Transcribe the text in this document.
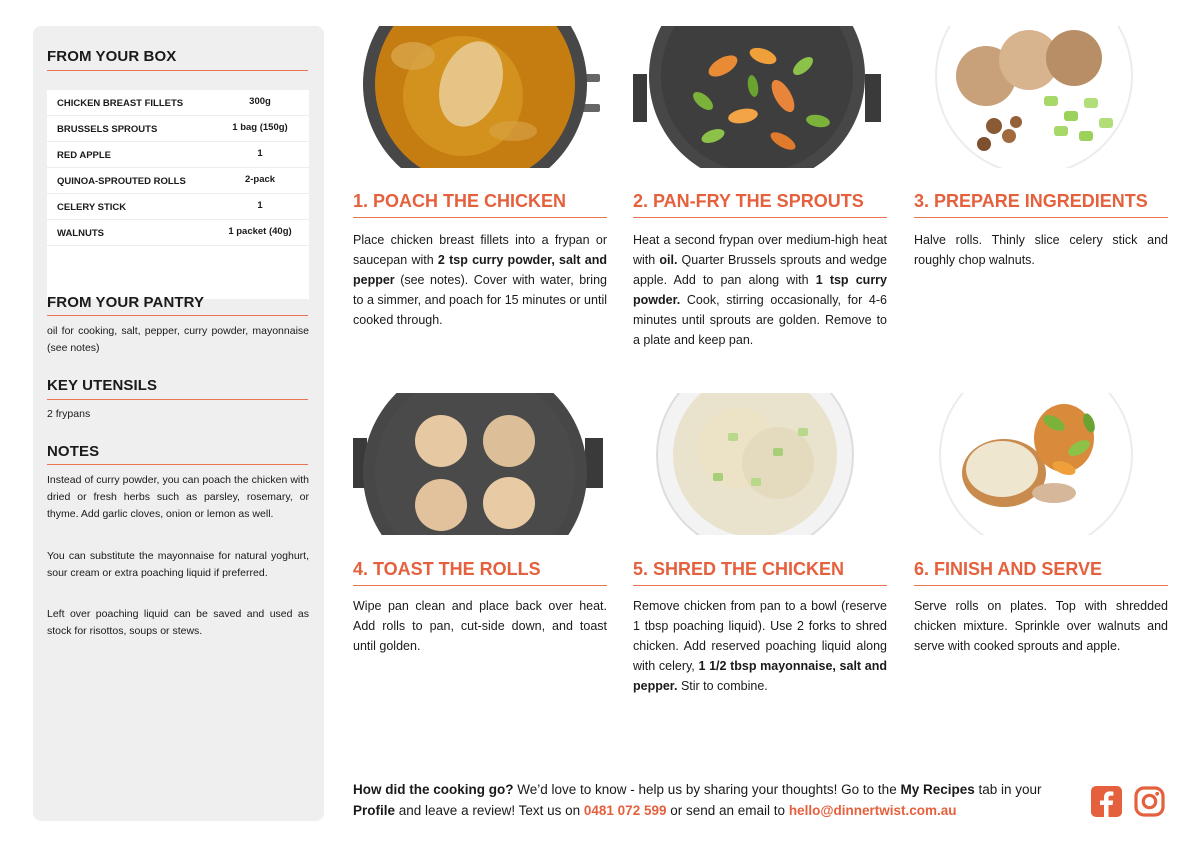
FROM YOUR BOX
CHICKEN BREAST FILLETS	300g
BRUSSELS SPROUTS	1 bag (150g)
RED APPLE	1
QUINOA-SPROUTED ROLLS	2-pack
CELERY STICK	1
WALNUTS	1 packet (40g)
FROM YOUR PANTRY
oil for cooking, salt, pepper, curry powder, mayonnaise (see notes)
KEY UTENSILS
2 frypans
NOTES
Instead of curry powder, you can poach the chicken with dried or fresh herbs such as parsley, rosemary, or thyme. Add garlic cloves, onion or lemon as well.
You can substitute the mayonnaise for natural yoghurt, sour cream or extra poaching liquid if preferred.
Left over poaching liquid can be saved and used as stock for risottos, soups or stews.
1. POACH THE CHICKEN
Place chicken breast fillets into a frypan or saucepan with 2 tsp curry powder, salt and pepper (see notes). Cover with water, bring to a simmer, and poach for 15 minutes or until cooked through.
2. PAN-FRY THE SPROUTS
Heat a second frypan over medium-high heat with oil. Quarter Brussels sprouts and wedge apple. Add to pan along with 1 tsp curry powder. Cook, stirring occasionally, for 4-6 minutes until sprouts are golden. Remove to a plate and keep pan.
3. PREPARE INGREDIENTS
Halve rolls. Thinly slice celery stick and roughly chop walnuts.
4. TOAST THE ROLLS
Wipe pan clean and place back over heat. Add rolls to pan, cut-side down, and toast until golden.
5. SHRED THE CHICKEN
Remove chicken from pan to a bowl (reserve 1 tbsp poaching liquid). Use 2 forks to shred chicken. Add reserved poaching liquid along with celery, 1 1/2 tbsp mayonnaise, salt and pepper. Stir to combine.
6. FINISH AND SERVE
Serve rolls on plates. Top with shredded chicken mixture. Sprinkle over walnuts and serve with cooked sprouts and apple.
How did the cooking go? We’d love to know - help us by sharing your thoughts! Go to the My Recipes tab in your Profile and leave a review! Text us on 0481 072 599 or send an email to hello@dinnertwist.com.au
